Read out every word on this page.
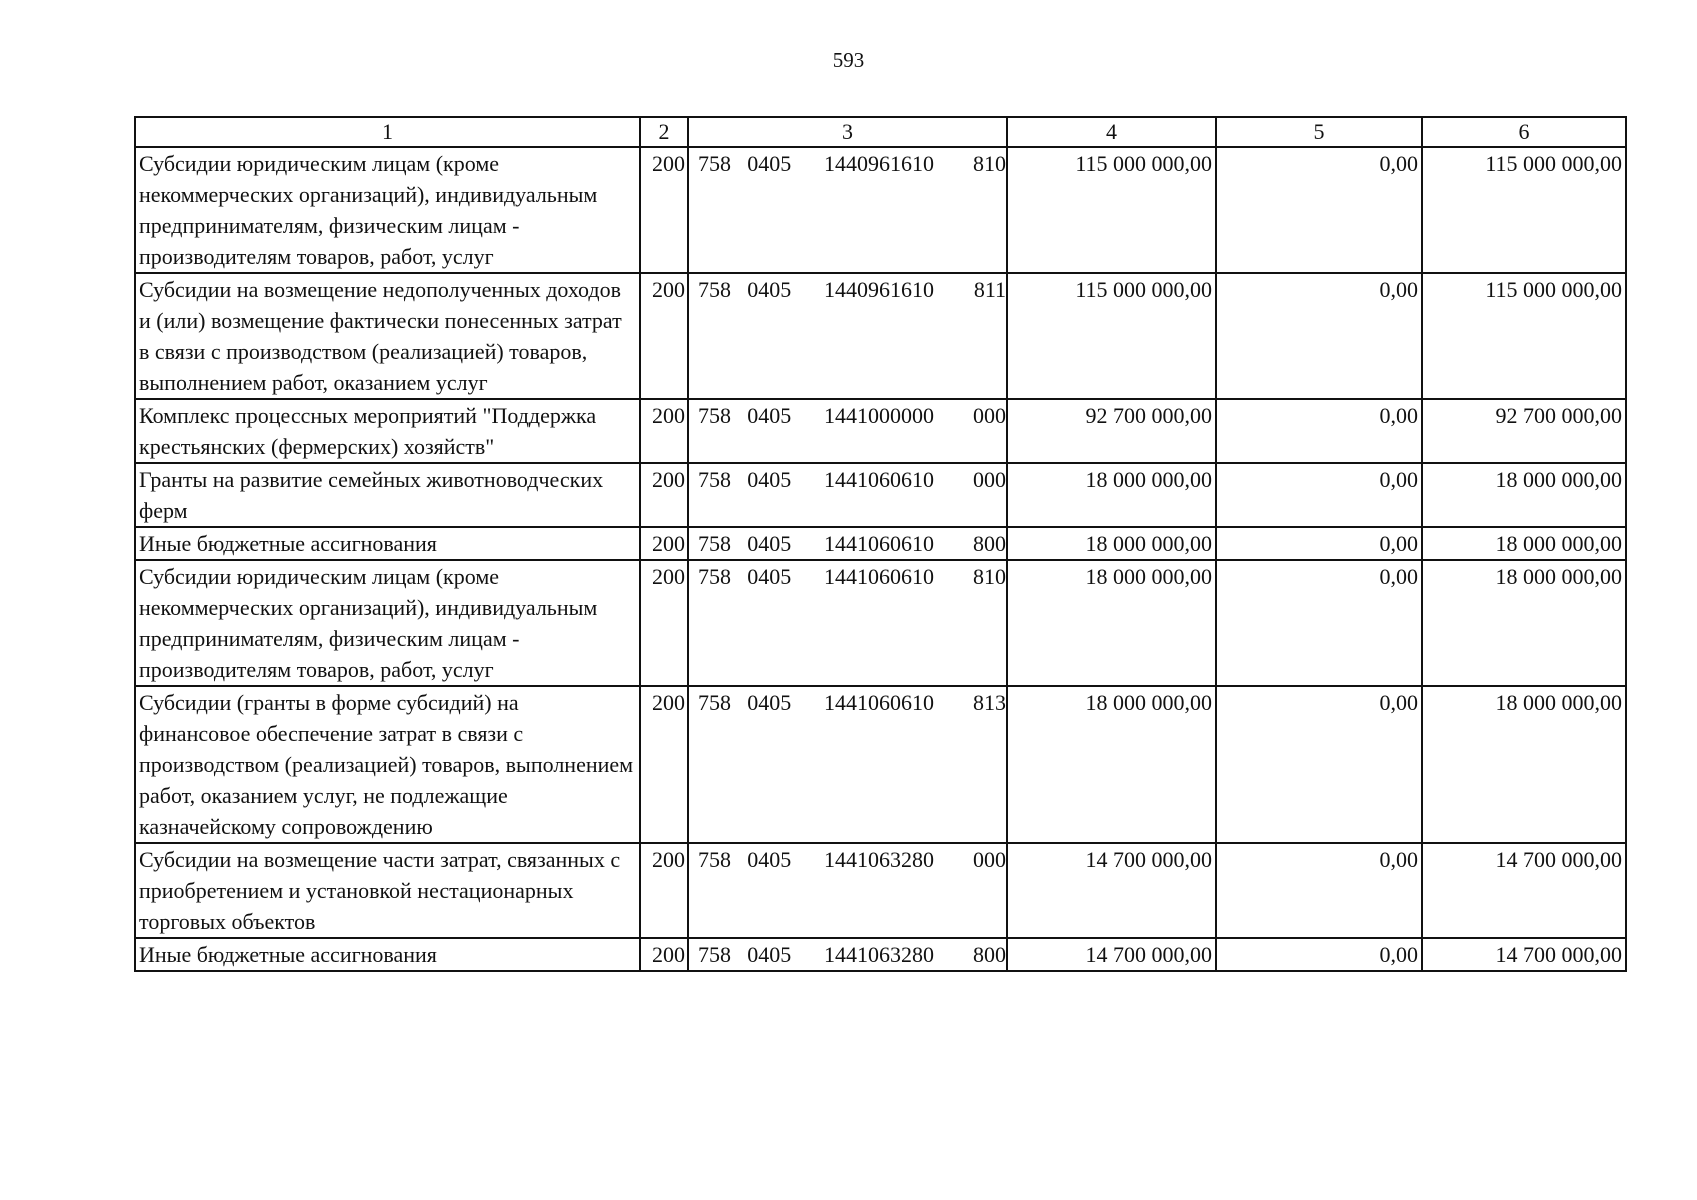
593
1	2	3	4	5	6
Субсидии юридическим лицам (кроме некоммерческих организаций), индивидуальным предпринимателям, физическим лицам - производителям товаров, работ, услуг	200	758 0405 1440961610 810	115 000 000,00	0,00	115 000 000,00
Субсидии на возмещение недополученных доходов и (или) возмещение фактически понесенных затрат в связи с производством (реализацией) товаров, выполнением работ, оказанием услуг	200	758 0405 1440961610 811	115 000 000,00	0,00	115 000 000,00
Комплекс процессных мероприятий "Поддержка крестьянских (фермерских) хозяйств"	200	758 0405 1441000000 000	92 700 000,00	0,00	92 700 000,00
Гранты на развитие семейных животноводческих ферм	200	758 0405 1441060610 000	18 000 000,00	0,00	18 000 000,00
Иные бюджетные ассигнования	200	758 0405 1441060610 800	18 000 000,00	0,00	18 000 000,00
Субсидии юридическим лицам (кроме некоммерческих организаций), индивидуальным предпринимателям, физическим лицам - производителям товаров, работ, услуг	200	758 0405 1441060610 810	18 000 000,00	0,00	18 000 000,00
Субсидии (гранты в форме субсидий) на финансовое обеспечение затрат в связи с производством (реализацией) товаров, выполнением работ, оказанием услуг, не подлежащие казначейскому сопровождению	200	758 0405 1441060610 813	18 000 000,00	0,00	18 000 000,00
Субсидии на возмещение части затрат, связанных с приобретением и установкой нестационарных торговых объектов	200	758 0405 1441063280 000	14 700 000,00	0,00	14 700 000,00
Иные бюджетные ассигнования	200	758 0405 1441063280 800	14 700 000,00	0,00	14 700 000,00
